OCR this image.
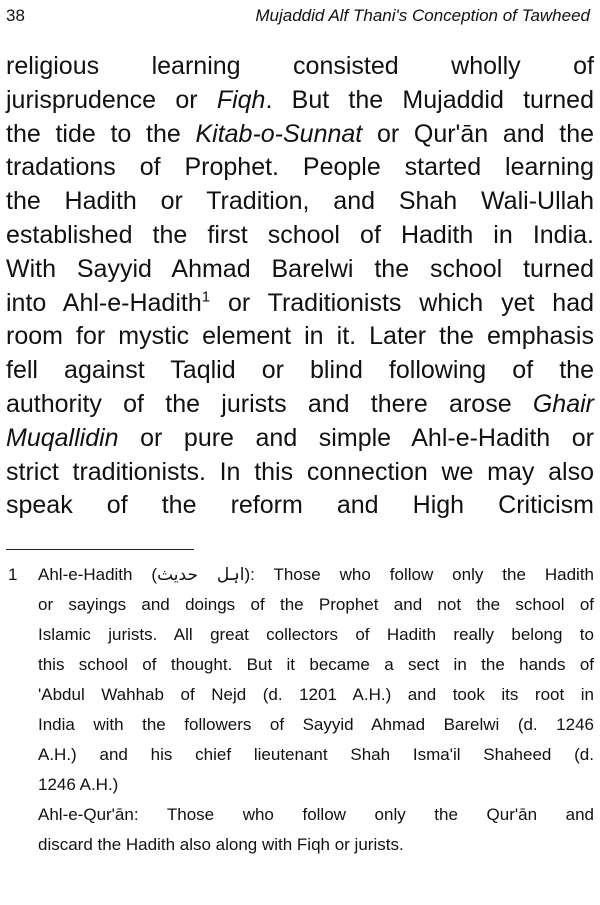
38	Mujaddid Alf Thani's Conception of Tawheed
religious learning consisted wholly of
jurisprudence or Fiqh. But the Mujaddid turned
the tide to the Kitab-o-Sunnat or Qur'ān and the
tradations of Prophet. People started learning
the Hadith or Tradition, and Shah Wali-Ullah
established the first school of Hadith in India.
With Sayyid Ahmad Barelwi the school turned
into Ahl-e-Hadith$^1$ or Traditionists which yet had
room for mystic element in it. Later the emphasis
fell against Taqlid or blind following of the
authority of the jurists and there arose Ghair
Muqallidin or pure and simple Ahl-e-Hadith or
strict traditionists. In this connection we may also
speak of the reform and High Criticism
1 Ahl-e-Hadith (اہل حدیث): Those who follow only the Hadith
or sayings and doings of the Prophet and not the school of
Islamic jurists. All great collectors of Hadith really belong to
this school of thought. But it became a sect in the hands of
'Abdul Wahhab of Nejd (d. 1201 A.H.) and took its root in
India with the followers of Sayyid Ahmad Barelwi (d. 1246
A.H.) and his chief lieutenant Shah Isma'il Shaheed (d.
1246 A.H.)
Ahl-e-Qur'ān: Those who follow only the Qur'ān and
discard the Hadith also along with Fiqh or jurists.
